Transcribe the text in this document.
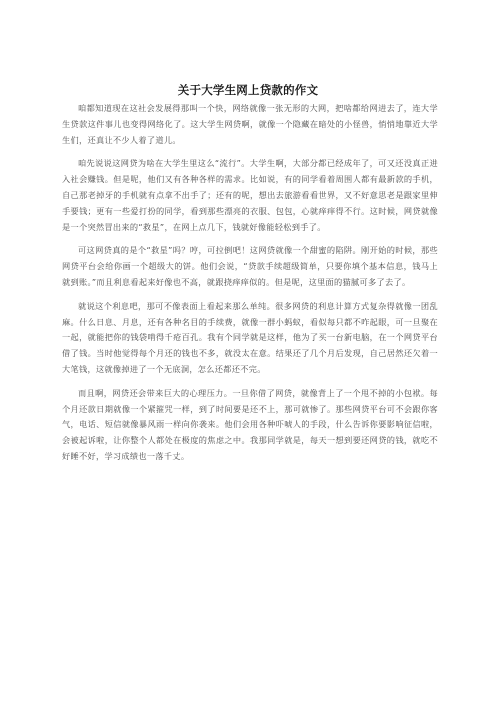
关于大学生网上贷款的作文

咱都知道现在这社会发展得那叫一个快，网络就像一张无形的大网，把啥都给网进去了，连大学生贷款这件事儿也变得网络化了。这大学生网贷啊，就像一个隐藏在暗处的小怪兽，悄悄地靠近大学生们，还真让不少人着了道儿。

咱先说说这网贷为啥在大学生里这么“流行”。大学生啊，大部分都已经成年了，可又还没真正进入社会赚钱。但是呢，他们又有各种各样的需求。比如说，有的同学看着周围人都有最新款的手机，自己那老掉牙的手机就有点拿不出手了；还有的呢，想出去旅游看看世界，又不好意思老是跟家里伸手要钱；更有一些爱打扮的同学，看到那些漂亮的衣服、包包，心就痒痒得不行。这时候，网贷就像是一个突然冒出来的“救星”，在网上点几下，钱就好像能轻松到手了。

可这网贷真的是个“救星”吗？哼，可拉倒吧！这网贷就像一个甜蜜的陷阱。刚开始的时候，那些网贷平台会给你画一个超级大的饼。他们会说，“贷款手续超级简单，只要你填个基本信息，钱马上就到账。”而且利息看起来好像也不高，就跟挠痒痒似的。但是呢，这里面的猫腻可多了去了。

就说这个利息吧，那可不像表面上看起来那么单纯。很多网贷的利息计算方式复杂得就像一团乱麻。什么日息、月息，还有各种名目的手续费，就像一群小蚂蚁，看似每只都不咋起眼，可一旦聚在一起，就能把你的钱袋啃得千疮百孔。我有个同学就是这样，他为了买一台新电脑，在一个网贷平台借了钱。当时他觉得每个月还的钱也不多，就没太在意。结果还了几个月后发现，自己居然还欠着一大笔钱，这就像掉进了一个无底洞，怎么还都还不完。

而且啊，网贷还会带来巨大的心理压力。一旦你借了网贷，就像背上了一个甩不掉的小包袱。每个月还款日期就像一个紧箍咒一样，到了时间要是还不上，那可就惨了。那些网贷平台可不会跟你客气，电话、短信就像暴风雨一样向你袭来。他们会用各种吓唬人的手段，什么告诉你要影响征信啦，会被起诉啦，让你整个人都处在极度的焦虑之中。我那同学就是，每天一想到要还网贷的钱，就吃不好睡不好，学习成绩也一落千丈。
